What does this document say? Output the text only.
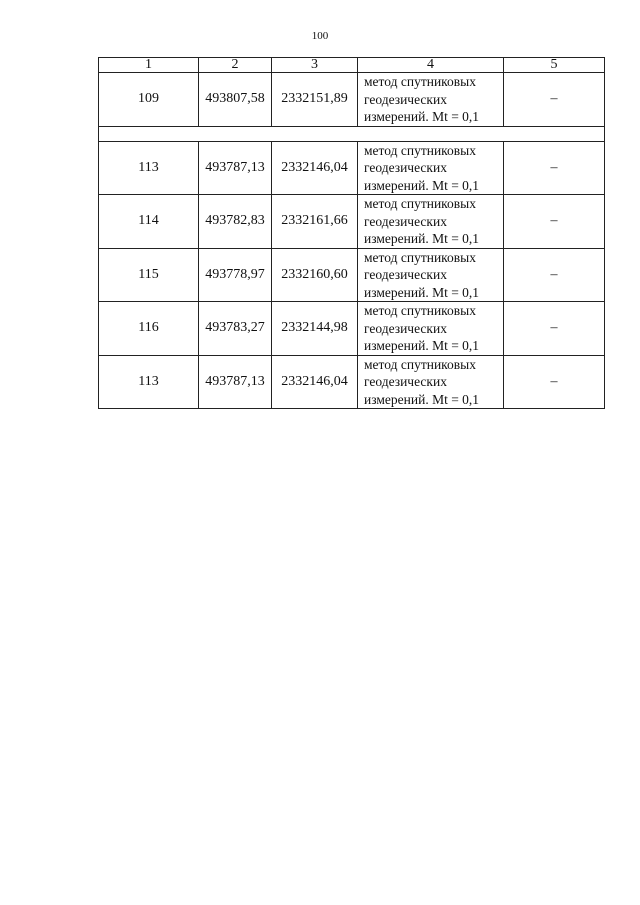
100
1	2	3	4	5
109	493807,58	2332151,89	метод спутниковых
геодезических
измерений. Mt = 0,1	–

113	493787,13	2332146,04	метод спутниковых
геодезических
измерений. Mt = 0,1	–
114	493782,83	2332161,66	метод спутниковых
геодезических
измерений. Mt = 0,1	–
115	493778,97	2332160,60	метод спутниковых
геодезических
измерений. Mt = 0,1	–
116	493783,27	2332144,98	метод спутниковых
геодезических
измерений. Mt = 0,1	–
113	493787,13	2332146,04	метод спутниковых
геодезических
измерений. Mt = 0,1	–
